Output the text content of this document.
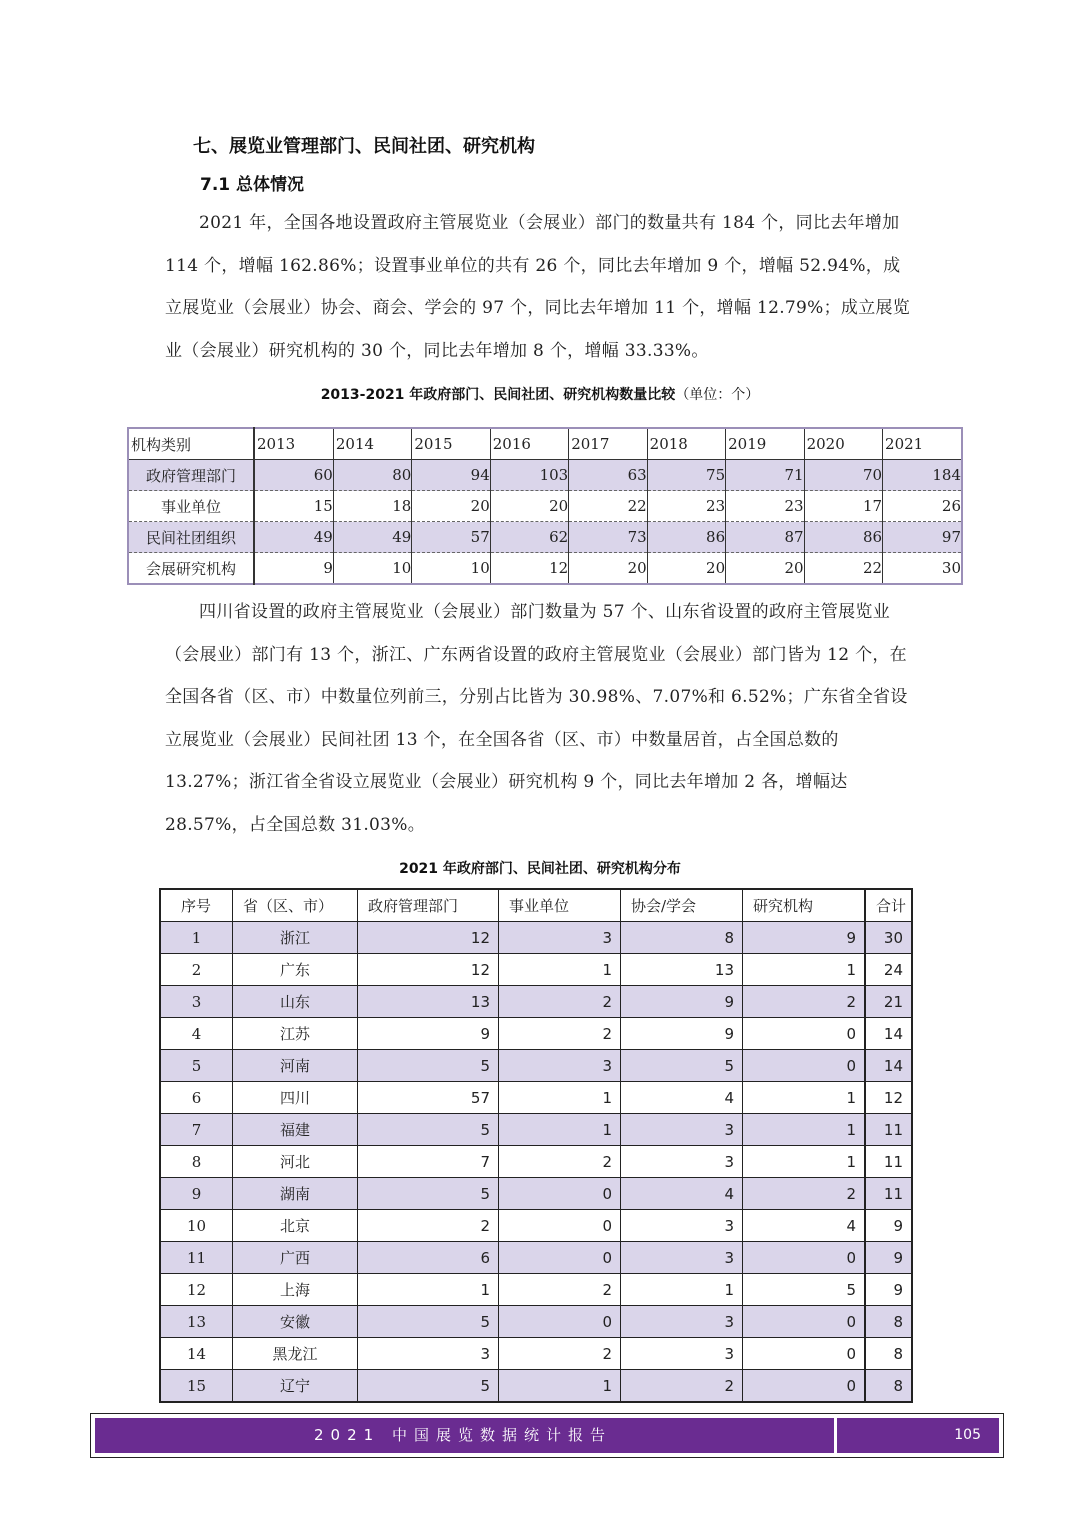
七、展览业管理部门、民间社团、研究机构
7.1 总体情况
2021 年，全国各地设置政府主管展览业（会展业）部门的数量共有 184 个，同比去年增加 114 个，增幅 162.86%；设置事业单位的共有 26 个，同比去年增加 9 个，增幅 52.94%，成立展览业（会展业）协会、商会、学会的 97 个，同比去年增加 11 个，增幅 12.79%；成立展览业（会展业）研究机构的 30 个，同比去年增加 8 个，增幅 33.33%。
2013-2021 年政府部门、民间社团、研究机构数量比较（单位：个）
机构类别	2013	2014	2015	2016	2017	2018	2019	2020	2021
政府管理部门	60	80	94	103	63	75	71	70	184
事业单位	15	18	20	20	22	23	23	17	26
民间社团组织	49	49	57	62	73	86	87	86	97
会展研究机构	9	10	10	12	20	20	20	22	30
四川省设置的政府主管展览业（会展业）部门数量为 57 个、山东省设置的政府主管展览业（会展业）部门有 13 个，浙江、广东两省设置的政府主管展览业（会展业）部门皆为 12 个，在全国各省（区、市）中数量位列前三，分别占比皆为 30.98%、7.07%和 6.52%；广东省全省设立展览业（会展业）民间社团 13 个，在全国各省（区、市）中数量居首，占全国总数的 13.27%；浙江省全省设立展览业（会展业）研究机构 9 个，同比去年增加 2 各，增幅达 28.57%，占全国总数 31.03%。
2021 年政府部门、民间社团、研究机构分布
序号	省（区、市）	政府管理部门	事业单位	协会/学会	研究机构	合计
1	浙江	12	3	8	9	30
2	广东	12	1	13	1	24
3	山东	13	2	9	2	21
4	江苏	9	2	9	0	14
5	河南	5	3	5	0	14
6	四川	57	1	4	1	12
7	福建	5	1	3	1	11
8	河北	7	2	3	1	11
9	湖南	5	0	4	2	11
10	北京	2	0	3	4	9
11	广西	6	0	3	0	9
12	上海	1	2	1	5	9
13	安徽	5	0	3	0	8
14	黑龙江	3	2	3	0	8
15	辽宁	5	1	2	0	8
2021 中国展览数据统计报告	105
